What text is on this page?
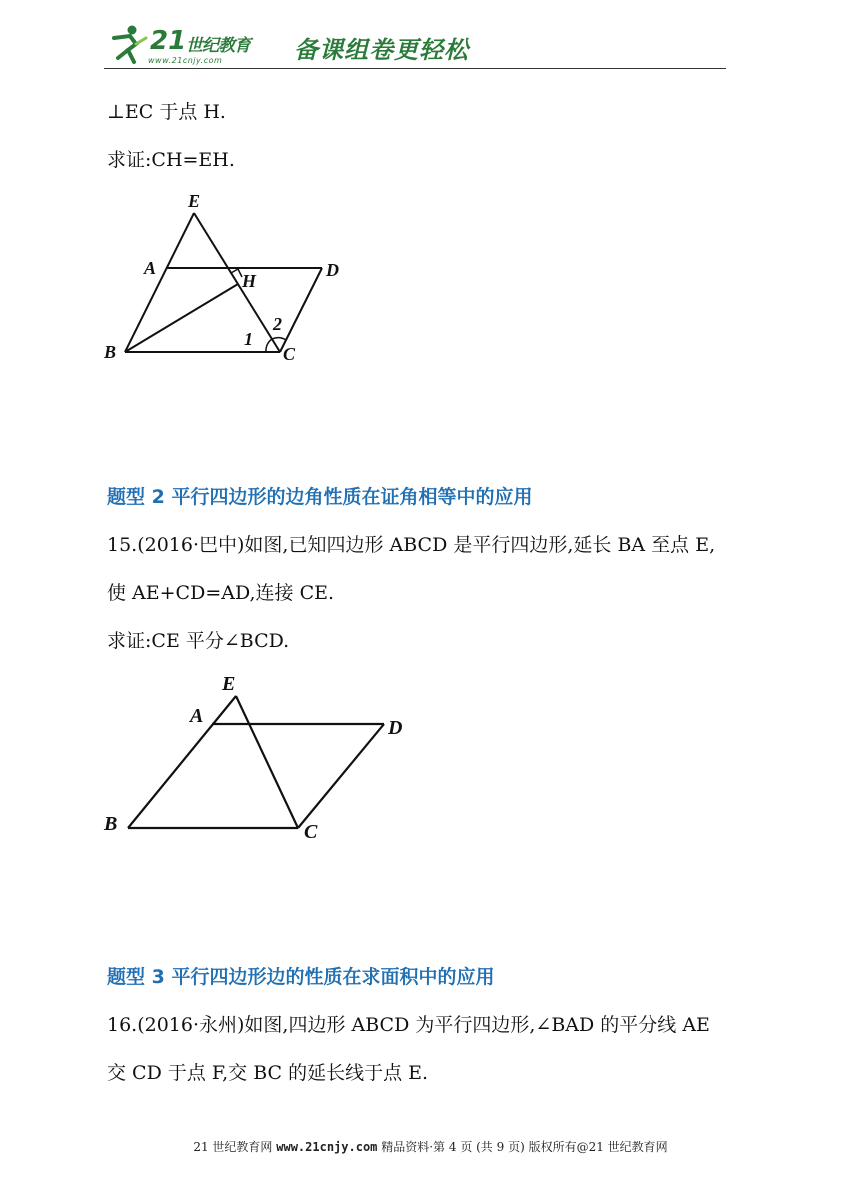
21 世纪教育
www.21cnjy.com	备课组卷更轻松
⊥EC 于点 H.
求证:CH=EH.
E
A
H
D
B	C
1
2
题型 2 平行四边形的边角性质在证角相等中的应用
15.(2016·巴中)如图,已知四边形 ABCD 是平行四边形,延长 BA 至点 E,
使 AE+CD=AD,连接 CE.
求证:CE 平分∠BCD.
E
A
D
B	C
题型 3 平行四边形边的性质在求面积中的应用
16.(2016·永州)如图,四边形 ABCD 为平行四边形,∠BAD 的平分线 AE
交 CD 于点 F,交 BC 的延长线于点 E.
21 世纪教育网 www.21cnjy.com 精品资料·第 4 页 (共 9 页) 版权所有@21 世纪教育网
